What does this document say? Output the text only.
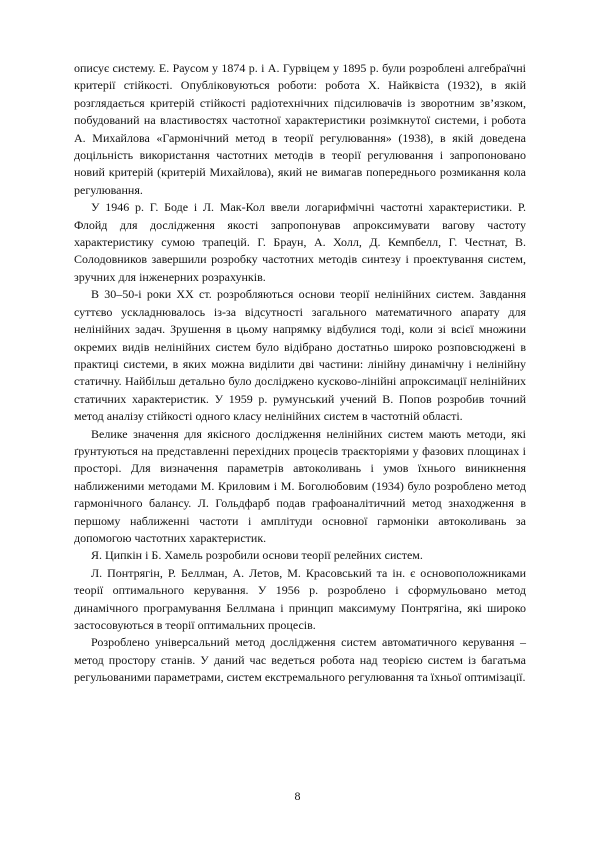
описує систему. Е. Раусом у 1874 р. і А. Гурвіцем у 1895 р. були розроблені алгебраїчні критерії стійкості. Опубліковуються роботи: робота Х. Найквіста (1932), в якій розглядається критерій стійкості радіотехнічних підсилювачів із зворотним зв’язком, побудований на властивостях частотної характеристики розімкнутої системи, і робота А. Михайлова «Гармонічний метод в теорії регулювання» (1938), в якій доведена доцільність використання частотних методів в теорії регулювання і запропоновано новий критерій (критерій Михайлова), який не вимагав попереднього розмикання кола регулювання.

У 1946 р. Г. Боде і Л. Мак-Кол ввели логарифмічні частотні характеристики. Р. Флойд для дослідження якості запропонував апроксимувати вагову частоту характеристику сумою трапецій. Г. Браун, А. Холл, Д. Кемпбелл, Г. Честнат, В. Солодовников завершили розробку частотних методів синтезу і проектування систем, зручних для інженерних розрахунків.

В 30–50-і роки XX ст. розробляються основи теорії нелінійних систем. Завдання суттєво ускладнювалось із-за відсутності загального математичного апарату для нелінійних задач. Зрушення в цьому напрямку відбулися тоді, коли зі всієї множини окремих видів нелінійних систем було відібрано достатньо широко розповсюджені в практиці системи, в яких можна виділити дві частини: лінійну динамічну і нелінійну статичну. Найбільш детально було досліджено кусково-лінійні апроксимації нелінійних статичних характеристик. У 1959 р. румунський учений В. Попов розробив точний метод аналізу стійкості одного класу нелінійних систем в частотній області.

Велике значення для якісного дослідження нелінійних систем мають методи, які ґрунтуються на представленні перехідних процесів траєкторіями у фазових площинах і просторі. Для визначення параметрів автоколивань і умов їхнього виникнення наближеними методами М. Криловим і М. Боголюбовим (1934) було розроблено метод гармонічного балансу. Л. Гольдфарб подав графоаналітичний метод знаходження в першому наближенні частоти і амплітуди основної гармоніки автоколивань за допомогою частотних характеристик.

Я. Ципкін і Б. Хамель розробили основи теорії релейних систем.

Л. Понтрягін, Р. Беллман, А. Летов, М. Красовський та ін. є основоположниками теорії оптимального керування. У 1956 р. розроблено і сформульовано метод динамічного програмування Беллмана і принцип максимуму Понтрягіна, які широко застосовуються в теорії оптимальних процесів.

Розроблено універсальний метод дослідження систем автоматичного керування – метод простору станів. У даний час ведеться робота над теорією систем із багатьма регульованими параметрами, систем екстремального регулювання та їхньої оптимізації.

8
